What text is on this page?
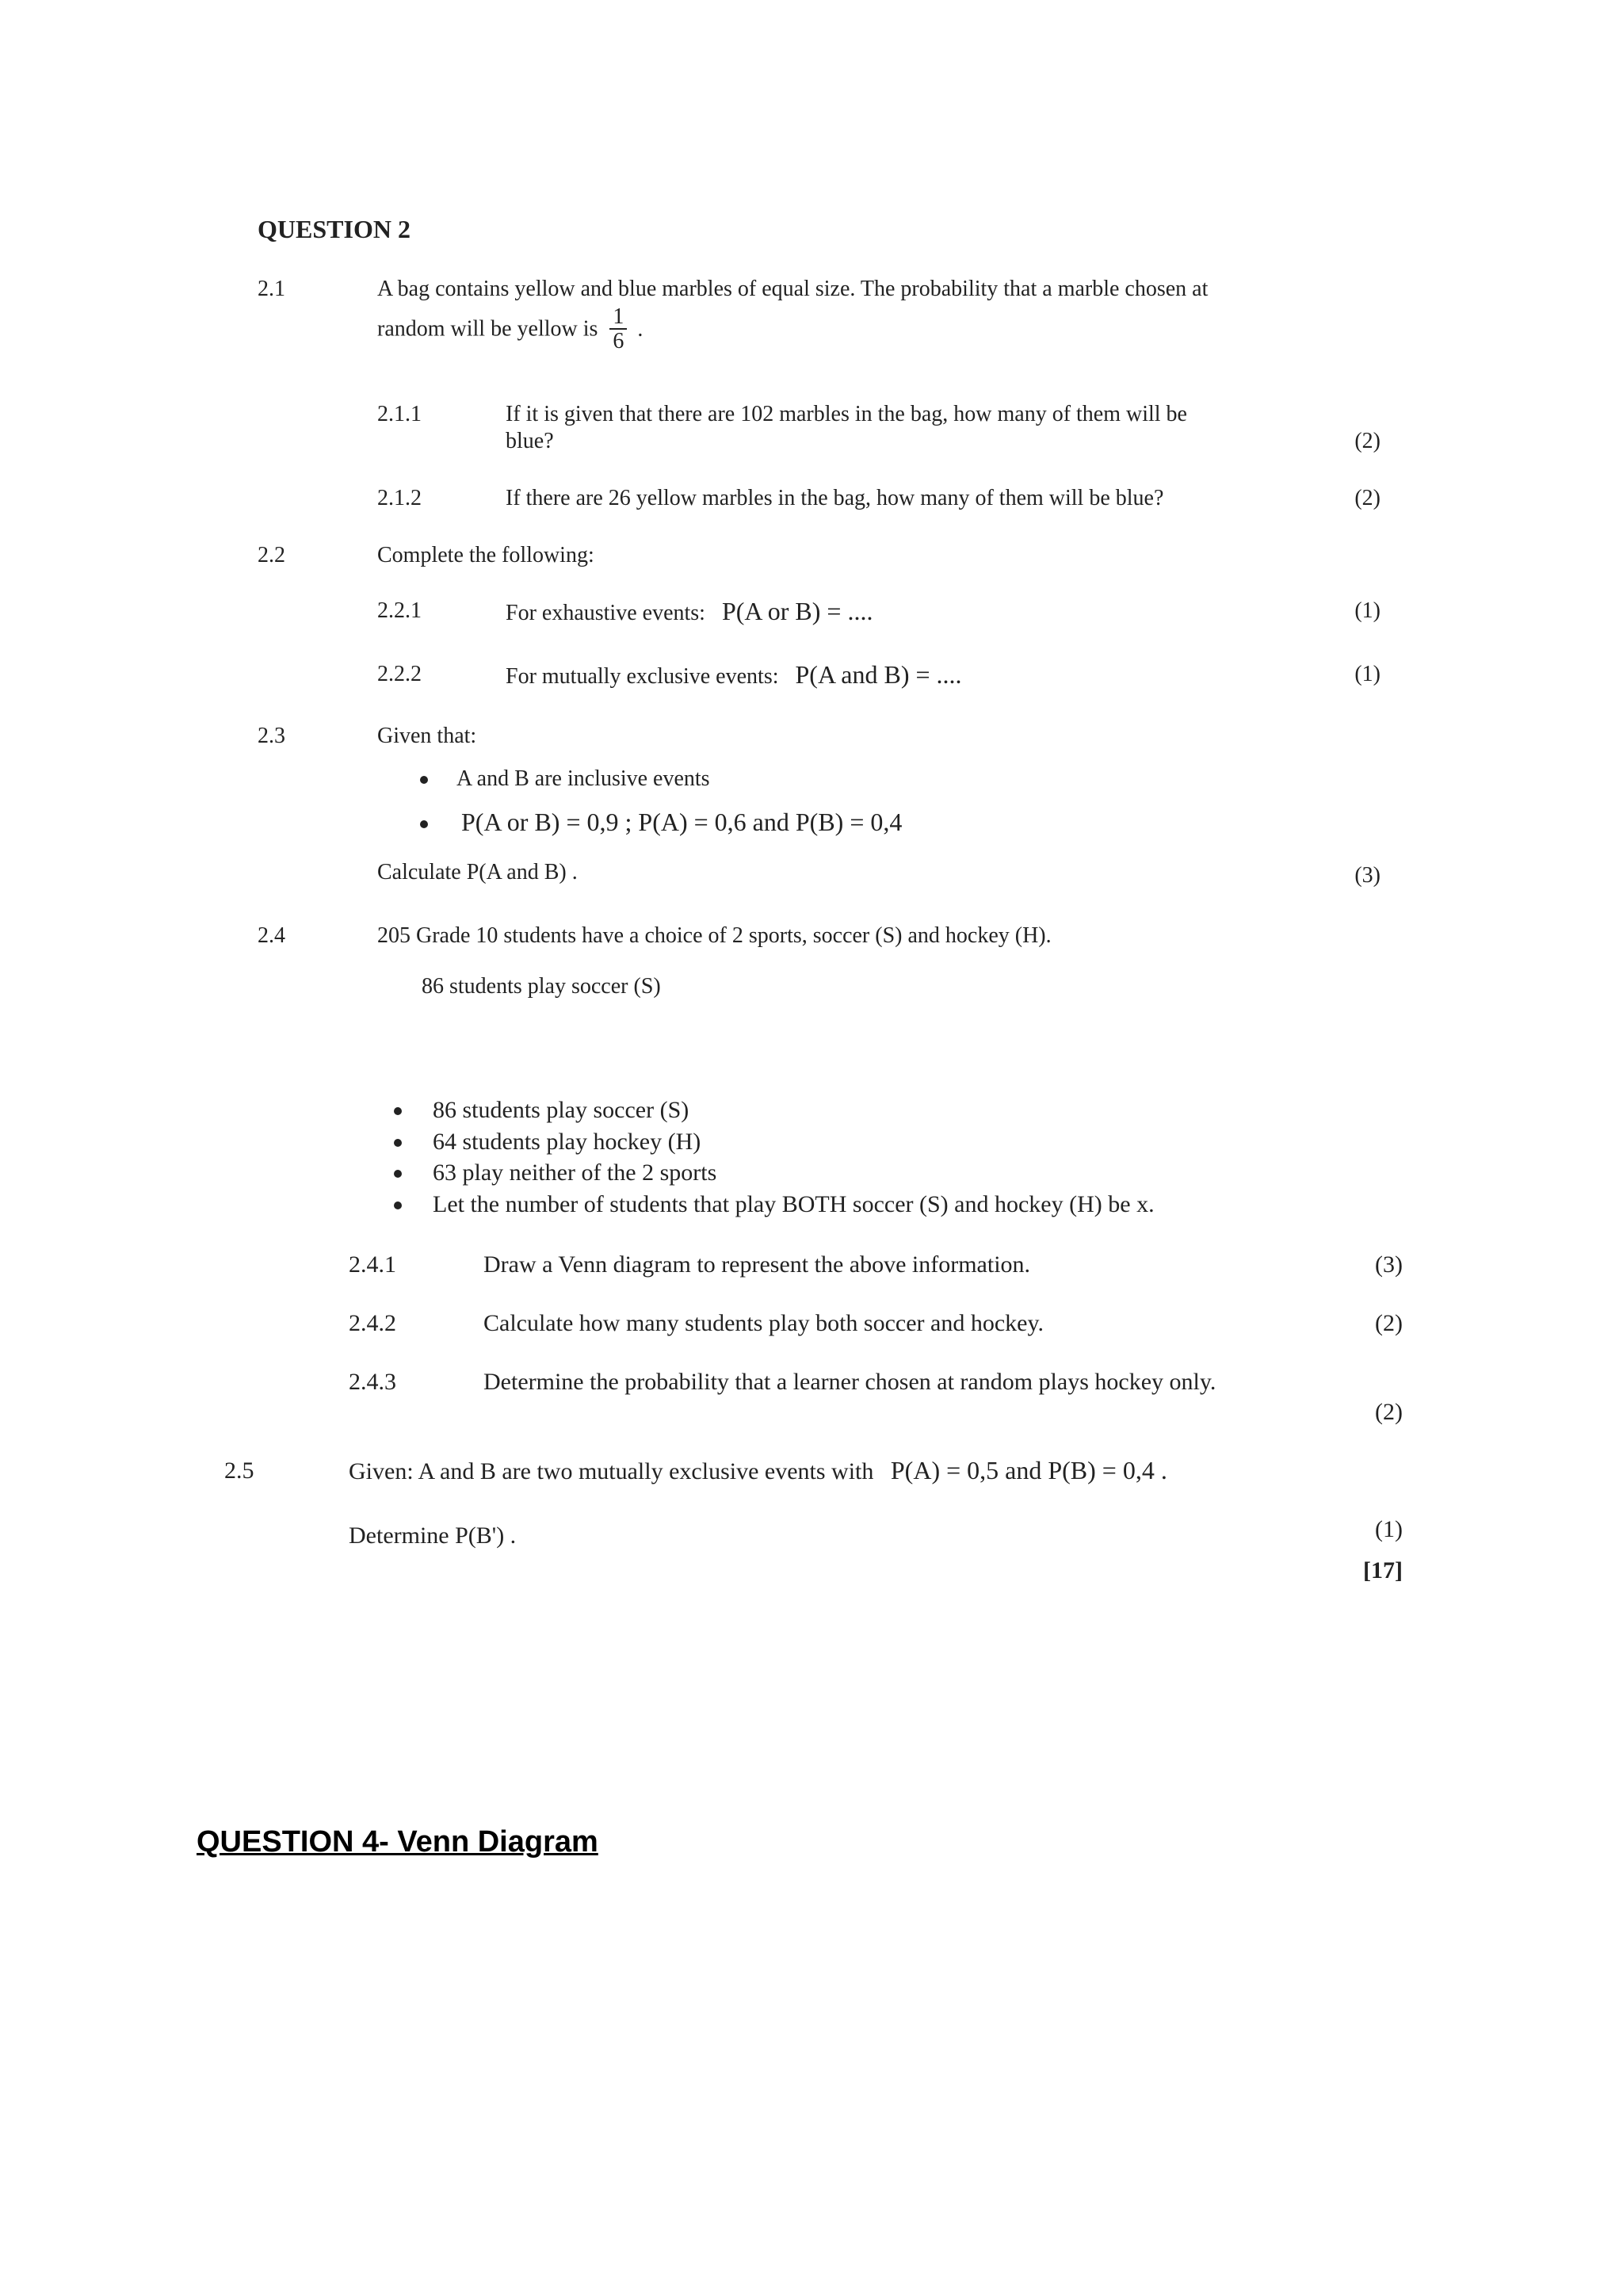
QUESTION 2
2.1	A bag contains yellow and blue marbles of equal size. The probability that a marble chosen at
random will be yellow is $\frac{1}{6}$ .
2.1.1	If it is given that there are 102 marbles in the bag, how many of them will be
blue?	(2)
2.1.2	If there are 26 yellow marbles in the bag, how many of them will be blue?	(2)
2.2	Complete the following:
2.2.1	For exhaustive events: P(A or B) = ....	(1)
2.2.2	For mutually exclusive events: P(A and B) = ....	(1)
2.3	Given that:
A and B are inclusive events
P(A or B) = 0,9 ; P(A) = 0,6 and P(B) = 0,4
Calculate P(A and B) .	(3)
2.4	205 Grade 10 students have a choice of 2 sports, soccer (S) and hockey (H).
86 students play soccer (S)
86 students play soccer (S)
64 students play hockey (H)
63 play neither of the 2 sports
Let the number of students that play BOTH soccer (S) and hockey (H) be x.
2.4.1	Draw a Venn diagram to represent the above information.	(3)
2.4.2	Calculate how many students play both soccer and hockey.	(2)
2.4.3	Determine the probability that a learner chosen at random plays hockey only.
(2)
2.5	Given: A and B are two mutually exclusive events with P(A) = 0,5 and P(B) = 0,4 .
Determine P(B') .	(1)
[17]
QUESTION 4- Venn Diagram
